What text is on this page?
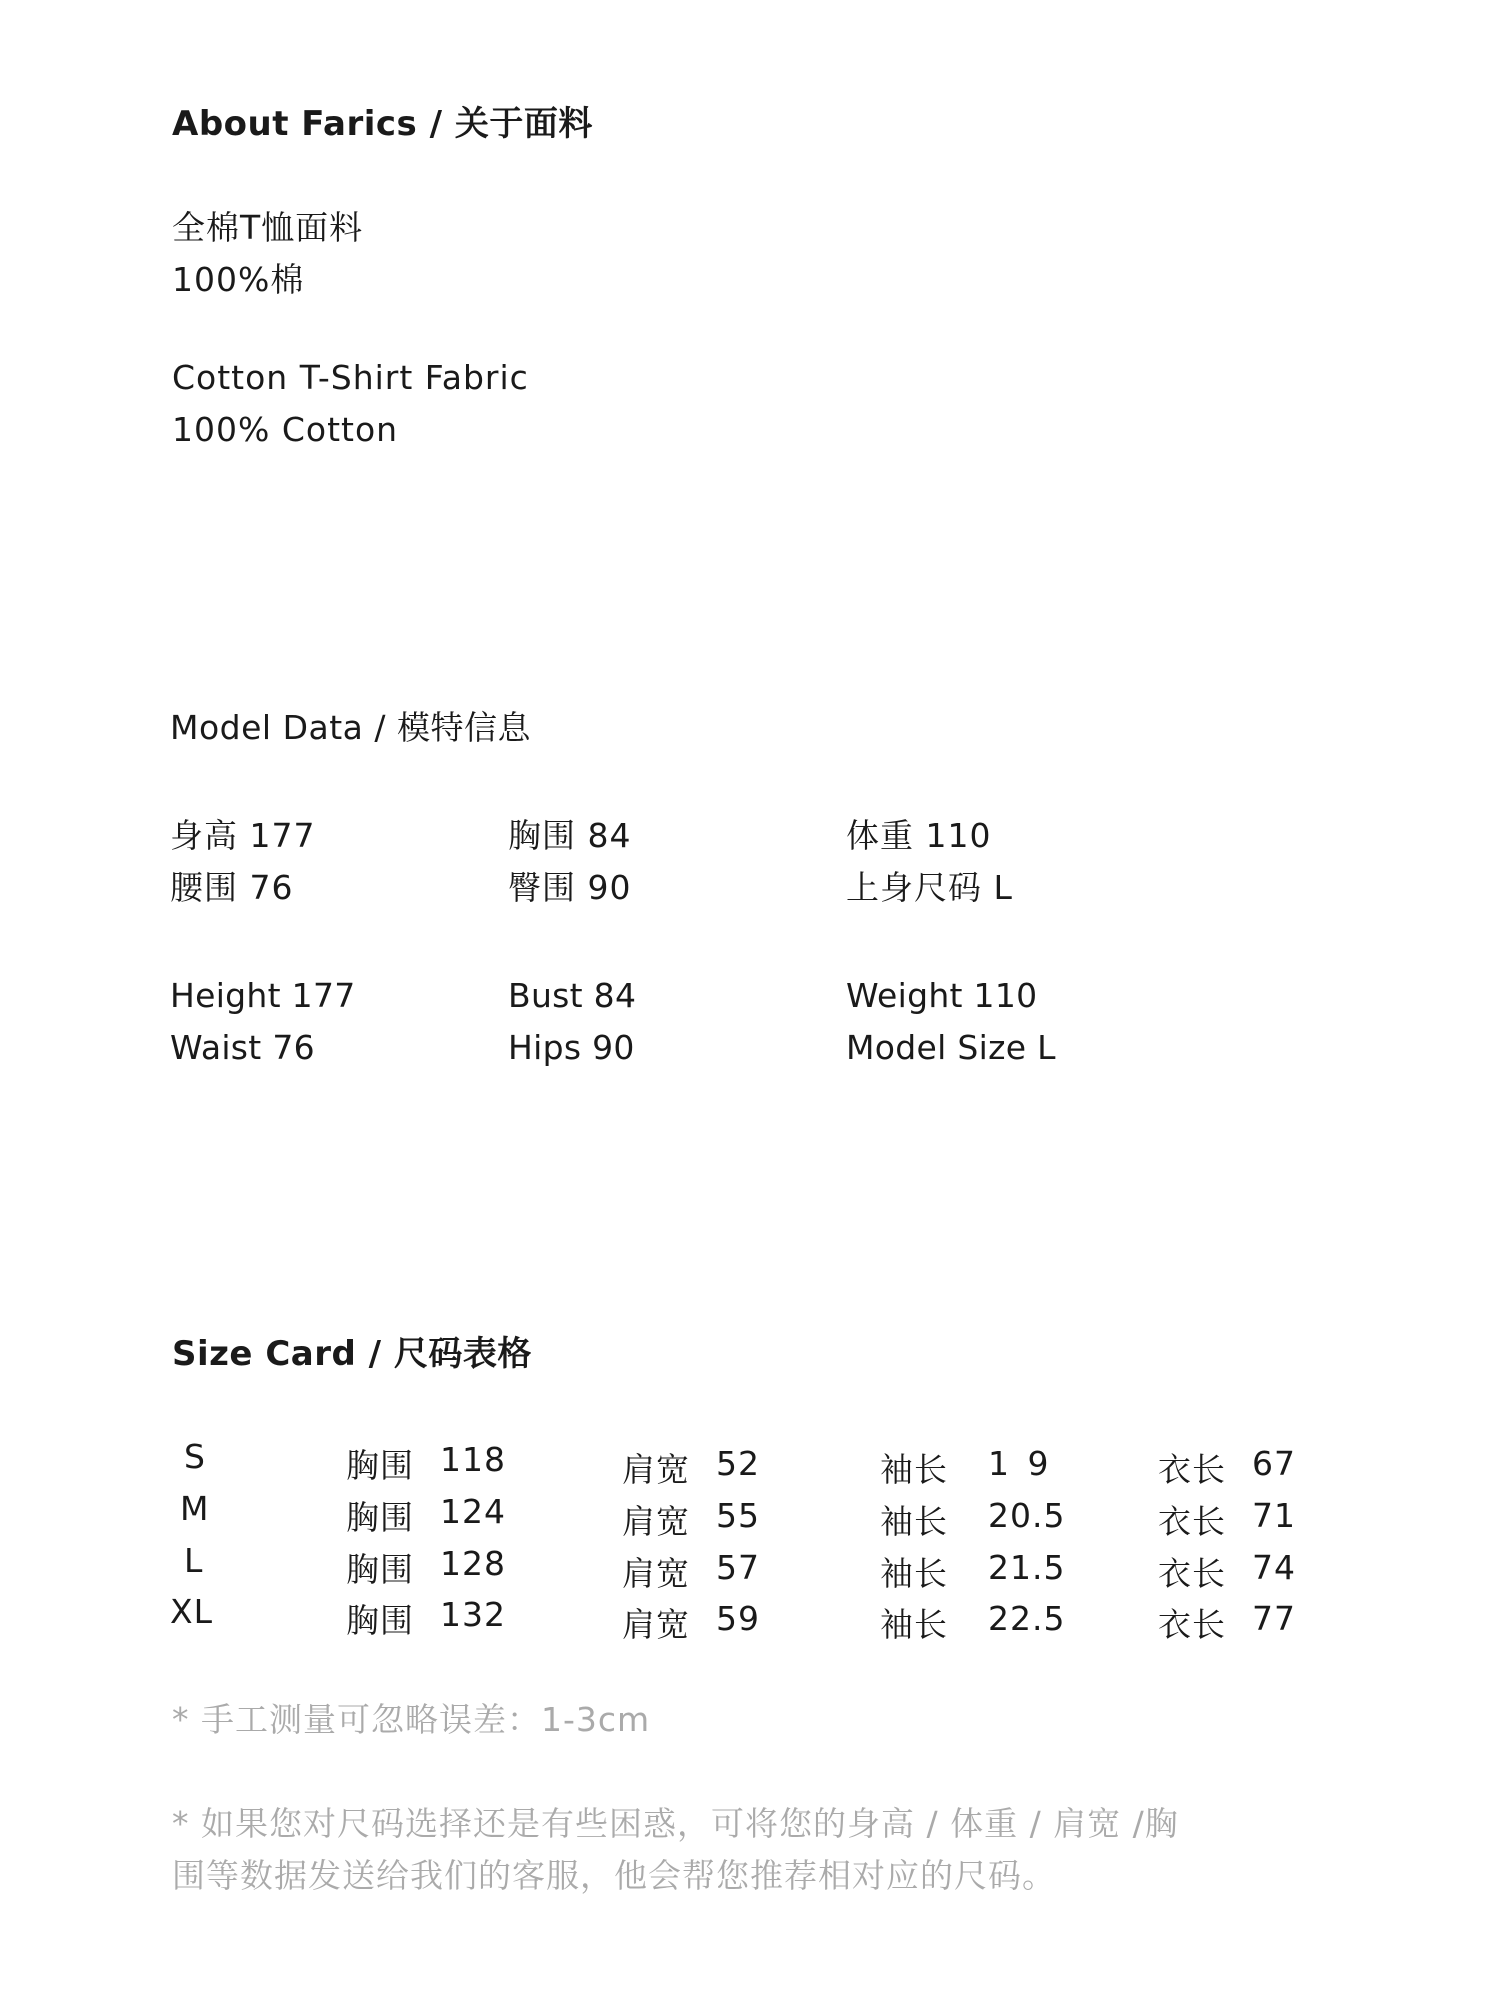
About Farics / 关于面料
全棉T恤面料
100%棉
Cotton T-Shirt Fabric
100% Cotton
Model Data / 模特信息
身高 177	胸围 84	体重 110
腰围 76	臀围 90	上身尺码 L
Height 177	Bust 84	Weight 110
Waist 76	Hips 90	Model Size L
Size Card / 尺码表格
S	胸围 118	肩宽 52	袖长 1 9	衣长 67
M	胸围 124	肩宽 55	袖长 20.5	衣长 71
L	胸围 128	肩宽 57	袖长 21.5	衣长 74
XL	胸围 132	肩宽 59	袖长 22.5	衣长 77
* 手工测量可忽略误差：1-3cm
* 如果您对尺码选择还是有些困惑，可将您的身高 / 体重 / 肩宽 /胸
围等数据发送给我们的客服，他会帮您推荐相对应的尺码。
